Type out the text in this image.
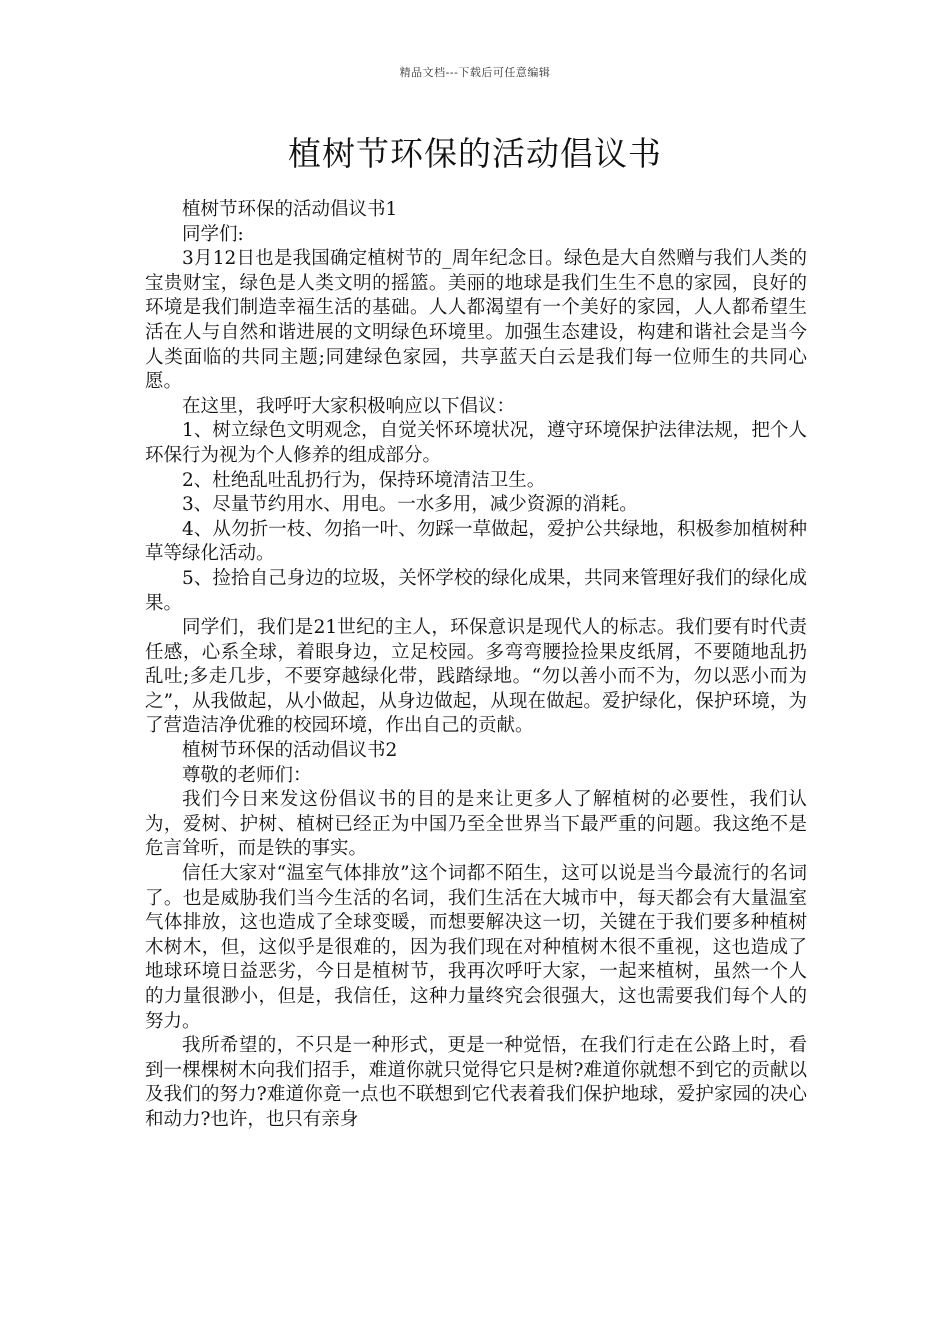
精品文档---下载后可任意编辑
植树节环保的活动倡议书

植树节环保的活动倡议书1

同学们:

3月12日也是我国确定植树节的_周年纪念日。绿色是大自然赠与我们人类的宝贵财宝，绿色是人类文明的摇篮。美丽的地球是我们生生不息的家园，良好的环境是我们制造幸福生活的基础。人人都渴望有一个美好的家园，人人都希望生活在人与自然和谐进展的文明绿色环境里。加强生态建设，构建和谐社会是当今人类面临的共同主题;同建绿色家园，共享蓝天白云是我们每一位师生的共同心愿。

在这里，我呼吁大家积极响应以下倡议：

1、树立绿色文明观念，自觉关怀环境状况，遵守环境保护法律法规，把个人环保行为视为个人修养的组成部分。

2、杜绝乱吐乱扔行为，保持环境清洁卫生。

3、尽量节约用水、用电。一水多用，减少资源的消耗。

4、从勿折一枝、勿掐一叶、勿踩一草做起，爱护公共绿地，积极参加植树种草等绿化活动。

5、捡拾自己身边的垃圾，关怀学校的绿化成果，共同来管理好我们的绿化成果。

同学们，我们是21世纪的主人，环保意识是现代人的标志。我们要有时代责任感，心系全球，着眼身边，立足校园。多弯弯腰捡捡果皮纸屑，不要随地乱扔乱吐;多走几步，不要穿越绿化带，践踏绿地。“勿以善小而不为，勿以恶小而为之”，从我做起，从小做起，从身边做起，从现在做起。爱护绿化，保护环境，为了营造洁净优雅的校园环境，作出自己的贡献。

植树节环保的活动倡议书2

尊敬的老师们：

我们今日来发这份倡议书的目的是来让更多人了解植树的必要性，我们认为，爱树、护树、植树已经正为中国乃至全世界当下最严重的问题。我这绝不是危言耸听，而是铁的事实。

信任大家对“温室气体排放”这个词都不陌生，这可以说是当今最流行的名词了。也是威胁我们当今生活的名词，我们生活在大城市中，每天都会有大量温室气体排放，这也造成了全球变暖，而想要解决这一切，关键在于我们要多种植树木树木，但，这似乎是很难的，因为我们现在对种植树木很不重视，这也造成了地球环境日益恶劣，今日是植树节，我再次呼吁大家，一起来植树，虽然一个人的力量很渺小，但是，我信任，这种力量终究会很强大，这也需要我们每个人的努力。

我所希望的，不只是一种形式，更是一种觉悟，在我们行走在公路上时，看到一棵棵树木向我们招手，难道你就只觉得它只是树?难道你就想不到它的贡献以及我们的努力?难道你竟一点也不联想到它代表着我们保护地球，爱护家园的决心和动力?也许，也只有亲身
